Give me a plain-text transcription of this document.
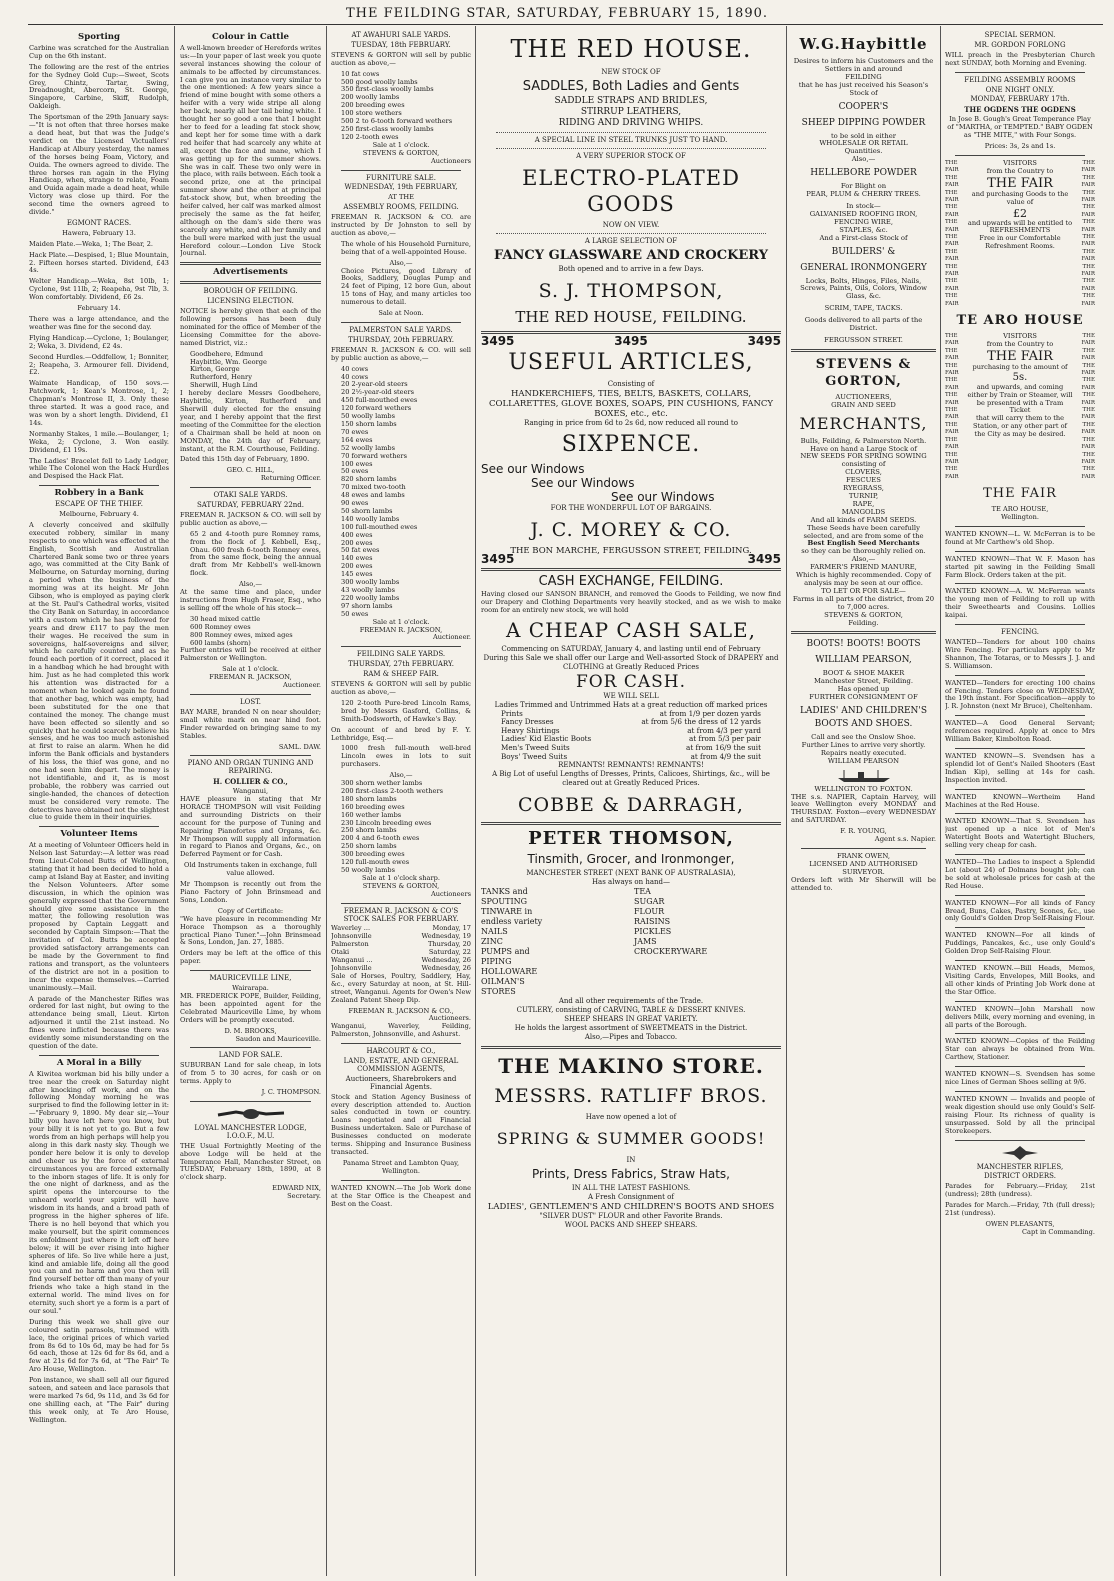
THE FEILDING STAR, SATURDAY, FEBRUARY 15, 1890.
Sporting

Carbine was scratched for the Australian Cup on the 6th instant.

The following are the rest of the entries for the Sydney Gold Cup:—Sweet, Scots Grey, Chintz, Tartar, Swing, Dreadnought, Abercorn, St. George, Singapore, Carbine, Skiff, Rudolph, Oakleigh.

The Sportsman of the 29th January says:—"It is not often that three horses make a dead heat, but that was the Judge's verdict on the Licensed Victuallers' Handicap at Albury yesterday, the names of the horses being Foam, Victory, and Ouida. The owners agreed to divide. The three horses ran again in the Flying Handicap, when, strange to relate, Foam and Ouida again made a dead heat, while Victory was close up third. For the second time the owners agreed to divide."

EGMONT RACES.

Hawera, February 13.

Maiden Plate.—Weka, 1; The Bear, 2.

Hack Plate.—Despised, 1; Blue Mountain, 2. Fifteen horses started. Dividend, £43 4s.

Welter Handicap.—Weka, 8st 10lb, 1; Cyclone, 9st 11lb, 2; Reapeha, 9st 7lb, 3. Won comfortably. Dividend, £6 2s.

February 14.

There was a large attendance, and the weather was fine for the second day.

Flying Handicap.—Cyclone, 1; Boulanger, 2; Weka, 3. Dividend, £2 4s.

Second Hurdles.—Oddfellow, 1; Bonniter, 2; Reapeha, 3. Armourer fell. Dividend, £2.

Waimate Handicap, of 150 sovs.—Patchwork, 1; Kean's Montrose, 1, 2; Chapman's Montrose II, 3. Only these three started. It was a good race, and was won by a short length. Dividend, £1 14s.

Normanby Stakes, 1 mile.—Boulanger, 1; Weka, 2; Cyclone, 3. Won easily. Dividend, £1 19s.

The Ladies' Bracelet fell to Lady Ledger, while The Colonel won the Hack Hurdles and Despised the Hack Flat.

Robbery in a Bank
ESCAPE OF THE THIEF.

Melbourne, February 4.

A cleverly conceived and skilfully executed robbery, similar in many respects to one which was effected at the English, Scottish and Australian Chartered Bank some two or three years ago, was committed at the City Bank of Melbourne, on Saturday morning, during a period when the business of the morning was at its height. Mr John Gibson, who is employed as paying clerk at the St. Paul's Cathedral works, visited the City Bank on Saturday, in accordance with a custom which he has followed for years and drew £117 to pay the men their wages. He received the sum in sovereigns, half-sovereigns and silver, which he carefully counted and as he found each portion of it correct, placed it in a handbag which he had brought with him. Just as he had completed this work his attention was distracted for a moment when he looked again he found that another bag, which was empty, had been substituted for the one that contained the money. The change must have been effected so silently and so quickly that he could scarcely believe his senses, and he was too much astonished at first to raise an alarm. When he did inform the Bank officials and bystanders of his loss, the thief was gone, and no one had seen him depart. The money is not identifiable, and it, as is most probable, the robbery was carried out single-handed, the chances of detection must be considered very remote. The detectives have obtained not the slightest clue to guide them in their inquiries.

Volunteer Items

At a meeting of Volunteer Officers held in Nelson last Saturday:—A letter was read from Lieut-Colonel Butts of Wellington, stating that it had been decided to hold a camp at Island Bay at Easter, and inviting the Nelson Volunteers. After some discussion, in which the opinion was generally expressed that the Government should give some assistance in the matter, the following resolution was proposed by Captain Leggatt and seconded by Captain Simpson:—That the invitation of Col. Butts be accepted provided satisfactory arrangements can be made by the Government to find rations and transport, as the volunteers of the district are not in a position to incur the expense themselves.—Carried unanimously.—Mail.

A parade of the Manchester Rifles was ordered for last night, but owing to the attendance being small, Lieut. Kirton adjourned it until the 21st instead. No fines were inflicted because there was evidently some misunderstanding on the question of the date.

A Moral in a Billy

A Kiwitea workman bid his billy under a tree near the creek on Saturday night after knocking off work, and on the following Monday morning he was surprised to find the following letter in it:—"February 9, 1890. My dear sir,—Your billy you have left here you know, but your billy it is not yet to go. But a few words from an high perhaps will help you along in this dark nasty sky. Though we ponder here below it is only to develop and cheer us by the force of external circumstances you are forced externally to the inborn stages of life. It is only for the one night of darkness, and as the spirit opens the intercourse to the unheard world your spirit will have wisdom in its hands, and a broad path of progress in the higher spheres of life. There is no hell beyond that which you make yourself, but the spirit commences its enfoldment just where it left off here below; it will be ever rising into higher spheres of life. So live while here a just, kind and amiable life, doing all the good you can and no harm and you then will find yourself better off than many of your friends who take a high stand in the external world. The mind lives on for eternity, such short ye a form is a part of our soul."

During this week we shall give our coloured satin parasols, trimmed with lace, the original prices of which varied from 8s 6d to 10s 6d, may be had for 5s 6d each, those at 12s 6d for 8s 6d, and a few at 21s 6d for 7s 6d, at "The Fair" Te Aro House, Wellington.

Pon instance, we shall sell all our figured sateen, and sateen and lace parasols that were marked 7s 6d, 9s 11d, and 3s 6d for one shilling each, at "The Fair" during this week only, at Te Aro House, Wellington.

Colour in Cattle

A well-known breeder of Herefords writes us:—In your paper of last week you quote several instances showing the colour of animals to be affected by circumstances. I can give you an instance very similar to the one mentioned: A few years since a friend of mine bought with some others a heifer with a very wide stripe all along her back, nearly all her tail being white. I thought her so good a one that I bought her to feed for a leading fat stock show, and kept her for some time with a dark red heifer that had scarcely any white at all, except the face and mane, which I was getting up for the summer shows. She was in calf. These two only were in the place, with rails between. Each took a second prize, one at the principal summer show and the other at principal fat-stock show, but, when breeding the heifer calved, her calf was marked almost precisely the same as the fat heifer, although on the dam's side there was scarcely any white, and all her family and the bull were marked with just the usual Hereford colour.—London Live Stock Journal.

Advertisements
BOROUGH OF FEILDING.
LICENSING ELECTION.

NOTICE is hereby given that each of the following persons has been duly nominated for the office of Member of the Licensing Committee for the above-named District, viz.:

Goodbehere, Edmund
Haybittle, Wm. George
Kirton, George
Rutherford, Henry
Sherwill, Hugh Lind

I hereby declare Messrs Goodbehere, Haybittle, Kirton, Rutherford and Sherwill duly elected for the ensuing year, and I hereby appoint that the first meeting of the Committee for the election of a Chairman shall be held at noon on MONDAY, the 24th day of February, instant, at the R.M. Courthouse, Feilding.

Dated this 15th day of February, 1890.

GEO. C. HILL,
Returning Officer.
OTAKI SALE YARDS.
SATURDAY, FEBRUARY 22nd.

FREEMAN R. JACKSON & CO. will sell by public auction as above,—

65 2 and 4-tooth pure Romney rams, from the flock of J. Kebbell, Esq., Ohau. 600 fresh 6-tooth Romney ewes, from the same flock, being the annual draft from Mr Kebbell's well-known flock.

Also,—

At the same time and place, under instructions from Hugh Fraser, Esq., who is selling off the whole of his stock—

30 head mixed cattle
600 Romney ewes
800 Romney ewes, mixed ages
600 lambs (shorn)

Further entries will be received at either Palmerston or Wellington.

Sale at 1 o'clock.
FREEMAN R. JACKSON,
Auctioneer.
LOST.

BAY MARE, branded N on near shoulder; small white mark on near hind foot. Finder rewarded on bringing same to my Stables.

SAML. DAW.
PIANO AND ORGAN TUNING AND REPAIRING.
H. COLLIER & CO.,
Wanganui,

HAVE pleasure in stating that Mr HORACE THOMPSON will visit Feilding and surrounding Districts on their account for the purpose of Tuning and Repairing Pianofortes and Organs, &c. Mr Thompson will supply all information in regard to Pianos and Organs, &c., on Deferred Payment or for Cash.

Old Instruments taken in exchange, full value allowed.

Mr Thompson is recently out from the Piano Factory of John Brinsmead and Sons, London.

Copy of Certificate:

"We have pleasure in recommending Mr Horace Thompson as a thoroughly practical Piano Tuner."—John Brinsmead & Sons, London, Jan. 27, 1885.

Orders may be left at the office of this paper.

MAURICEVILLE LINE,
Wairarapa.

MR. FREDERICK POPE, Builder, Feilding, has been appointed agent for the Celebrated Mauriceville Lime, by whom Orders will be promptly executed.

D. M. BROOKS,
Saudon and Mauriceville.
LAND FOR SALE.

SUBURBAN Land for sale cheap, in lots of from 5 to 30 acres, for cash or on terms. Apply to

J. C. THOMPSON.
LOYAL MANCHESTER LODGE, I.O.O.F., M.U.

THE Usual Fortnightly Meeting of the above Lodge will be held at the Temperance Hall, Manchester Street, on TUESDAY, February 18th, 1890, at 8 o'clock sharp.

EDWARD NIX,
Secretary.
AT AWAHURI SALE YARDS.
TUESDAY, 18th FEBRUARY.

STEVENS & GORTON will sell by public auction as above,—

10 fat cows
500 good woolly lambs
350 first-class woolly lambs
200 woolly lambs
200 breeding ewes
100 store wethers
500 2 to 6-tooth forward wethers
250 first-class woolly lambs
120 2-tooth ewes
Sale at 1 o'clock.
STEVENS & GORTON,
Auctioneers
FURNITURE SALE.
WEDNESDAY, 19th FEBRUARY,
AT THE
ASSEMBLY ROOMS, FEILDING.

FREEMAN R. JACKSON & CO. are instructed by Dr Johnston to sell by auction as above,—

The whole of his Household Furniture, being that of a well-appointed House.

Also,—

Choice Pictures, good Library of Books, Saddlery, Douglas Pump and 24 feet of Piping, 12 bore Gun, about 15 tons of Hay, and many articles too numerous to detail.

Sale at Noon.
PALMERSTON SALE YARDS.
THURSDAY, 20th FEBRUARY.

FREEMAN R. JACKSON & CO. will sell by public auction as above,—

40 cows
40 cows
20 2-year-old steers
20 2½-year-old steers
450 full-mouthed ewes
120 forward wethers
50 woolly lambs
150 shorn lambs
70 ewes
164 ewes
52 woolly lambs
70 forward wethers
100 ewes
50 ewes
820 shorn lambs
70 mixed two-tooth
48 ewes and lambs
90 ewes
50 shorn lambs
140 woolly lambs
100 full-mouthed ewes
400 ewes
200 ewes
50 fat ewes
140 ewes
200 ewes
145 ewes
300 woolly lambs
43 woolly lambs
220 woolly lambs
97 shorn lambs
50 ewes
Sale at 1 o'clock.
FREEMAN R. JACKSON,
Auctioneer.
FEILDING SALE YARDS.
THURSDAY, 27th FEBRUARY.
RAM & SHEEP FAIR.

STEVENS & GORTON will sell by public auction as above,—

120 2-tooth Pure-bred Lincoln Rams, bred by Messrs Gasford, Collins, & Smith-Dodsworth, of Hawke's Bay.

On account of and bred by F. Y. Lethbridge, Esq.—

1000 fresh full-mouth well-bred Lincoln ewes in lots to suit purchasers.

Also,—
300 shorn wether lambs
200 first-class 2-tooth wethers
180 shorn lambs
160 breeding ewes
160 wether lambs
230 Lincoln breeding ewes
250 shorn lambs
200 4 and 6-tooth ewes
250 shorn lambs
300 breeding ewes
120 full-mouth ewes
50 woolly lambs
Sale at 1 o'clock sharp.
STEVENS & GORTON,
Auctioneers
FREEMAN R. JACKSON & CO'S STOCK SALES FOR FEBRUARY.
Waverley ...	Monday, 17
Johnsonville	Wednesday, 19
Palmerston	Thursday, 20
Otaki	Saturday, 22
Wanganui ...	Wednesday, 26
Johnsonville	Wednesday, 26

Sale of Horses, Poultry, Saddlery, Hay, &c., every Saturday at noon, at St. Hill-street, Wanganui. Agents for Owen's New Zealand Patent Sheep Dip.

FREEMAN R. JACKSON & CO.,
Auctioneers.

Wanganui, Waverley, Feilding, Palmerston, Johnsonville, and Ashurst.

HARCOURT & CO.,
LAND, ESTATE, AND GENERAL COMMISSION AGENTS,
Auctioneers, Sharebrokers and Financial Agents.

Stock and Station Agency Business of every description attended to. Auction sales conducted in town or country. Loans negotiated and all Financial Business undertaken. Sale or Purchase of Businesses conducted on moderate terms. Shipping and Insurance Business transacted.

Panama Street and Lambton Quay, Wellington.

WANTED KNOWN.—The Job Work done at the Star Office is the Cheapest and Best on the Coast.

THE RED HOUSE.
NEW STOCK OF
SADDLES, Both Ladies and Gents
SADDLE STRAPS AND BRIDLES,
STIRRUP LEATHERS,
RIDING AND DRIVING WHIPS.
A SPECIAL LINE IN STEEL TRUNKS JUST TO HAND.
A VERY SUPERIOR STOCK OF
ELECTRO-PLATED GOODS
NOW ON VIEW.
A LARGE SELECTION OF
FANCY GLASSWARE AND CROCKERY
Both opened and to arrive in a few Days.
S. J. THOMPSON,
THE RED HOUSE, FEILDING.
3495	3495	3495
USEFUL ARTICLES,
Consisting of
HANDKERCHIEFS, TIES, BELTS, BASKETS, COLLARS, COLLARETTES, GLOVE BOXES, SOAPS, PIN CUSHIONS, FANCY BOXES, etc., etc.
Ranging in price from 6d to 2s 6d, now reduced all round to
SIXPENCE.
See our Windows
See our Windows
See our Windows
FOR THE WONDERFUL LOT OF BARGAINS.
J. C. MOREY & CO.
THE BON MARCHE, FERGUSSON STREET, FEILDING.
3495	3495
CASH EXCHANGE, FEILDING.

Having closed our SANSON BRANCH, and removed the Goods to Feilding, we now find our Drapery and Clothing Departments very heavily stocked, and as we wish to make room for an entirely new stock, we will hold

A CHEAP CASH SALE,
Commencing on SATURDAY, January 4, and lasting until end of February
During this Sale we shall offer our Large and Well-assorted Stock of DRAPERY and CLOTHING at Greatly Reduced Prices
FOR CASH.
WE WILL SELL
Ladies Trimmed and Untrimmed Hats at a great reduction off marked prices
Prints	at from 1/9 per dozen yards
Fancy Dresses	at from 5/6 the dress of 12 yards
Heavy Shirtings	at from 4/3 per yard
Ladies' Kid Elastic Boots	at from 5/3 per pair
Men's Tweed Suits	at from 16/9 the suit
Boys' Tweed Suits	at from 4/9 the suit
REMNANTS! REMNANTS! REMNANTS!
A Big Lot of useful Lengths of Dresses, Prints, Calicoes, Shirtings, &c., will be cleared out at Greatly Reduced Prices.
COBBE & DARRAGH,
PETER THOMSON,
Tinsmith, Grocer, and Ironmonger,
MANCHESTER STREET (NEXT BANK OF AUSTRALASIA),
Has always on hand—
TANKS and SPOUTING
TINWARE in endless variety
NAILS
ZINC
PUMPS and PIPING
HOLLOWARE
OILMAN'S STORES
TEA
SUGAR
FLOUR
RAISINS
PICKLES
JAMS
CROCKERYWARE
And all other requirements of the Trade.
CUTLERY, consisting of CARVING, TABLE & DESSERT KNIVES.
SHEEP SHEARS IN GREAT VARIETY.
He holds the largest assortment of SWEETMEATS in the District.
Also,—Pipes and Tobacco.
THE MAKINO STORE.
MESSRS. RATLIFF BROS.
Have now opened a lot of
SPRING & SUMMER GOODS!
IN
Prints, Dress Fabrics, Straw Hats,
IN ALL THE LATEST FASHIONS.
A Fresh Consignment of
LADIES', GENTLEMEN'S AND CHILDREN'S BOOTS AND SHOES
"SILVER DUST" FLOUR and other Favorite Brands.
WOOL PACKS AND SHEEP SHEARS.
W.G.Haybittle
Desires to inform his Customers and the Settlers in and around
FEILDING
that he has just received his Season's
Stock of
COOPER'S
SHEEP DIPPING POWDER
to be sold in either
WHOLESALE OR RETAIL
Quantities.
Also,—
HELLEBORE POWDER
For Blight on
PEAR, PLUM & CHERRY TREES.
In stock—
GALVANISED ROOFING IRON,
FENCING WIRE,
STAPLES, &c.
And a First-class Stock of
BUILDERS' &
GENERAL IRONMONGERY
Locks, Bolts, Hinges, Files, Nails, Screws, Paints, Oils, Colors, Window Glass, &c.
SCRIM, TAPE, TACKS.
Goods delivered to all parts of the District.
FERGUSSON STREET.
STEVENS & GORTON,
AUCTIONEERS,
GRAIN AND SEED
MERCHANTS,
Bulls, Feilding, & Palmerston North.
Have on hand a Large Stock of
NEW SEEDS FOR SPRING SOWING
consisting of
CLOVERS,
FESCUES
RYEGRASS,
TURNIP,
RAPE,
MANGOLDS
And all kinds of FARM SEEDS.
These Seeds have been carefully selected, and are from some of the
Best English Seed Merchants
so they can be thoroughly relied on.
Also,—
FARMER'S FRIEND MANURE,
Which is highly recommended. Copy of analysis may be seen at our office.
TO LET OR FOR SALE—
Farms in all parts of the district, from 20 to 7,000 acres.
STEVENS & GORTON,
Feilding.
BOOTS! BOOTS! BOOTS
WILLIAM PEARSON,
BOOT & SHOE MAKER
Manchester Street, Feilding.
Has opened up
FURTHER CONSIGNMENT OF
LADIES' AND CHILDREN'S BOOTS AND SHOES.
Call and see the Onslow Shoe.
Further Lines to arrive very shortly.
Repairs neatly executed.
WILLIAM PEARSON
WELLINGTON TO FOXTON.

THE s.s. NAPIER, Captain Harvey, will leave Wellington every MONDAY and THURSDAY. Foxton—every WEDNESDAY and SATURDAY.

F. R. YOUNG,
Agent s.s. Napier.
FRANK OWEN,
LICENSED AND AUTHORISED SURVEYOR.

Orders left with Mr Sherwill will be attended to.

SPECIAL SERMON.
MR. GORDON FORLONG

WILL preach in the Presbyterian Church next SUNDAY, both Morning and Evening.

FEILDING ASSEMBLY ROOMS
ONE NIGHT ONLY.
MONDAY, FEBRUARY 17th.
THE OGDENS THE OGDENS

In Jose B. Gough's Great Temperance Play of "MARTHA, or TEMPTED." BABY OGDEN as "THE MITE," with Four Songs.

Prices: 3s, 2s and 1s.
THE FAIR
THE FAIR
THE FAIR
THE FAIR
THE FAIR
THE FAIR
THE FAIR
THE FAIR
THE FAIR
THE FAIR
VISITORS
from the Country to
THE FAIR
and purchasing Goods to the value of
£2
and upwards will be entitled to
REFRESHMENTS
Free in our Comfortable Refreshment Rooms.
THE FAIR
THE FAIR
THE FAIR
THE FAIR
THE FAIR
THE FAIR
THE FAIR
THE FAIR
THE FAIR
THE FAIR
TE ARO HOUSE
THE FAIR
THE FAIR
THE FAIR
THE FAIR
THE FAIR
THE FAIR
THE FAIR
THE FAIR
THE FAIR
THE FAIR
VISITORS
from the Country to
THE FAIR
purchasing to the amount of
5s.
and upwards, and coming either by Train or Steamer, will be presented with a Tram Ticket
that will carry them to the Station, or any other part of the City as may be desired.
THE FAIR
THE FAIR
THE FAIR
THE FAIR
THE FAIR
THE FAIR
THE FAIR
THE FAIR
THE FAIR
THE FAIR
THE FAIR
TE ARO HOUSE,
Wellington.

WANTED KNOWN—L. W. McFerran is to be found at Mr Carthew's old Shop.

WANTED KNOWN—That W. F. Mason has started pit sawing in the Feilding Small Farm Block. Orders taken at the pit.

WANTED KNOWN—A. W. McFerran wants the young men of Feilding to roll up with their Sweethearts and Cousins. Lollies kaipai.

FENCING.

WANTED—Tenders for about 100 chains Wire Fencing. For particulars apply to Mr Shannon, The Totaras, or to Messrs J. J. and S. Williamson.

WANTED—Tenders for erecting 100 chains of Fencing. Tenders close on WEDNESDAY, the 19th instant. For Specification—apply to J. R. Johnston (next Mr Bruce), Cheltenham.

WANTED—A Good General Servant; references required. Apply at once to Mrs William Baker, Kimbolton Road.

WANTED KNOWN—S. Svendsen has a splendid lot of Gent's Nailed Shooters (East Indian Kip), selling at 14s for cash. Inspection invited.

WANTED KNOWN—Wertheim Hand Machines at the Red House.

WANTED KNOWN—That S. Svendsen has just opened up a nice lot of Men's Watertight Boots and Watertight Bluchers, selling very cheap for cash.

WANTED—The Ladies to inspect a Splendid Lot (about 24) of Dolmans bought job; can be sold at wholesale prices for cash at the Red House.

WANTED KNOWN—For all kinds of Fancy Bread, Buns, Cakes, Pastry, Scones, &c., use only Gould's Golden Drop Self-Raising Flour.

WANTED KNOWN—For all kinds of Puddings, Pancakes, &c., use only Gould's Golden Drop Self-Raising Flour.

WANTED KNOWN.—Bill Heads, Memos, Visiting Cards, Envelopes, Mill Books, and all other kinds of Printing Job Work done at the Star Office.

WANTED KNOWN—John Marshall now delivers Milk, every morning and evening, in all parts of the Borough.

WANTED KNOWN—Copies of the Feilding Star can always be obtained from Wm. Carthew, Stationer.

WANTED KNOWN—S. Svendsen has some nice Lines of German Shoes selling at 9/6.

WANTED KNOWN — Invalids and people of weak digestion should use only Gould's Self-raising Flour. Its richness of quality is unsurpassed. Sold by all the principal Storekeepers.

MANCHESTER RIFLES,
DISTRICT ORDERS.

Parades for February.—Friday, 21st (undress); 28th (undress).

Parades for March.—Friday, 7th (full dress); 21st (undress).

OWEN PLEASANTS,
Capt in Commanding.
